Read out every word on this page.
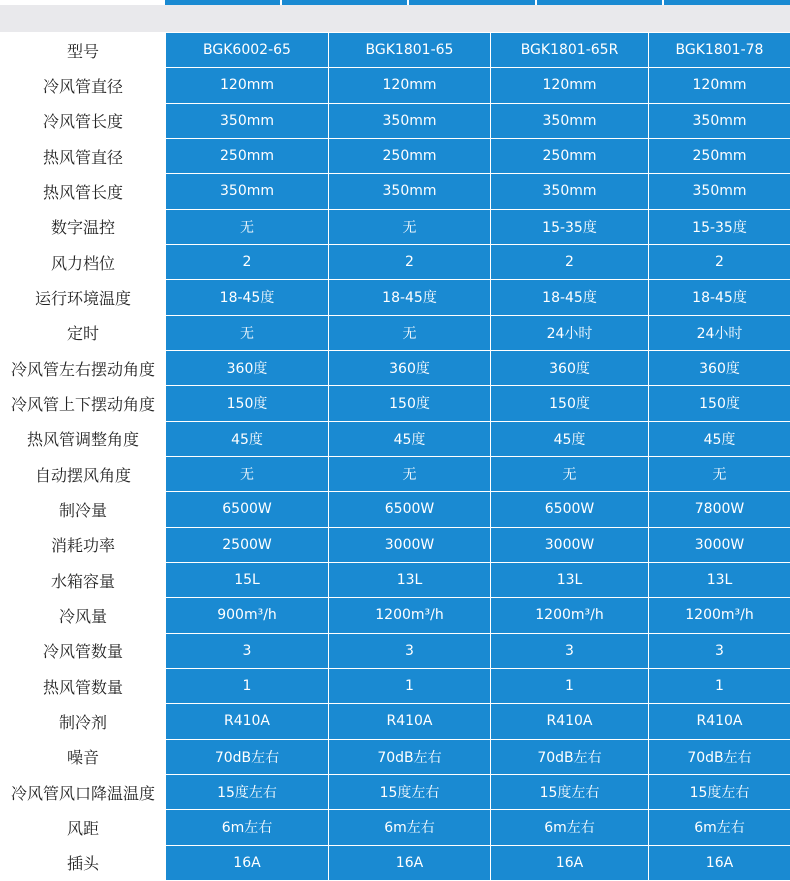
型号	BGK6002-65	BGK1801-65	BGK1801-65R	BGK1801-78
冷风管直径	120mm	120mm	120mm	120mm
冷风管长度	350mm	350mm	350mm	350mm
热风管直径	250mm	250mm	250mm	250mm
热风管长度	350mm	350mm	350mm	350mm
数字温控	无	无	15-35度	15-35度
风力档位	2	2	2	2
运行环境温度	18-45度	18-45度	18-45度	18-45度
定时	无	无	24小时	24小时
冷风管左右摆动角度	360度	360度	360度	360度
冷风管上下摆动角度	150度	150度	150度	150度
热风管调整角度	45度	45度	45度	45度
自动摆风角度	无	无	无	无
制冷量	6500W	6500W	6500W	7800W
消耗功率	2500W	3000W	3000W	3000W
水箱容量	15L	13L	13L	13L
冷风量	900m³/h	1200m³/h	1200m³/h	1200m³/h
冷风管数量	3	3	3	3
热风管数量	1	1	1	1
制冷剂	R410A	R410A	R410A	R410A
噪音	70dB左右	70dB左右	70dB左右	70dB左右
冷风管风口降温温度	15度左右	15度左右	15度左右	15度左右
风距	6m左右	6m左右	6m左右	6m左右
插头	16A	16A	16A	16A
